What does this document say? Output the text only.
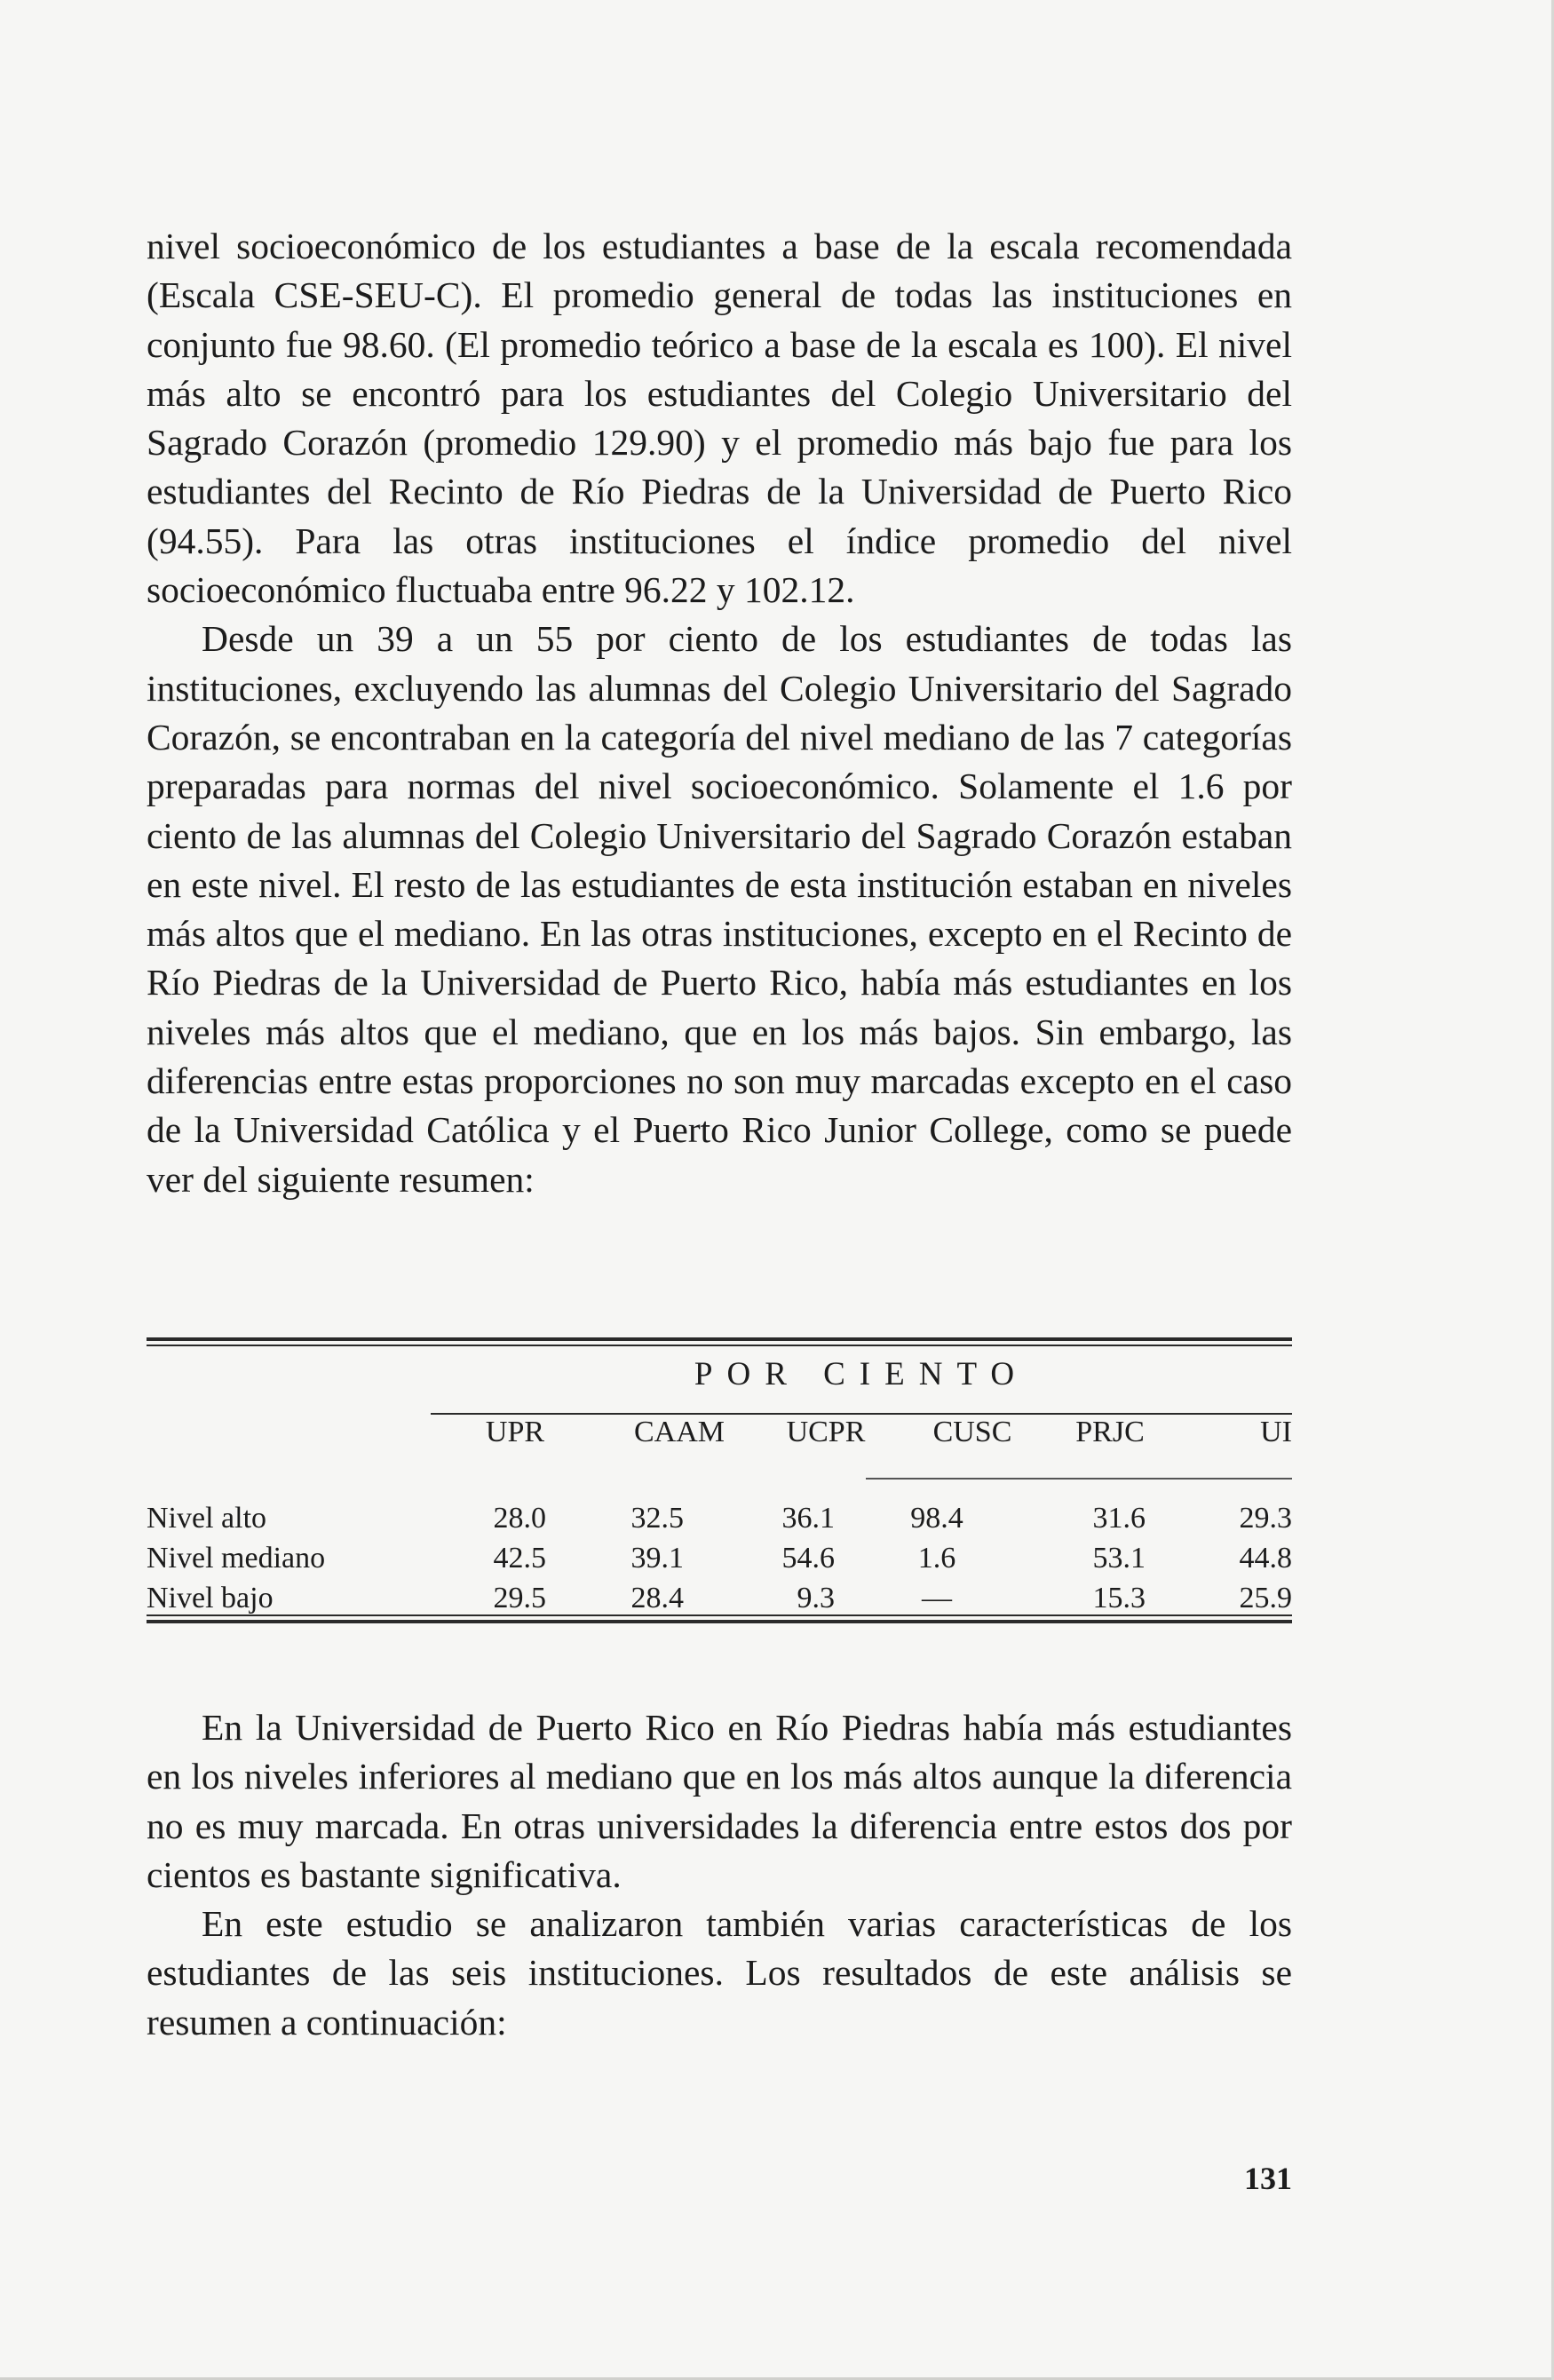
nivel socioeconómico de los estudiantes a base de la escala recomendada (Escala CSE-SEU-C). El promedio general de todas las instituciones en conjunto fue 98.60. (El promedio teórico a base de la escala es 100). El nivel más alto se encontró para los estudiantes del Colegio Universitario del Sagrado Corazón (promedio 129.90) y el promedio más bajo fue para los estudiantes del Recinto de Río Piedras de la Universidad de Puerto Rico (94.55). Para las otras instituciones el índice promedio del nivel socioeconómico fluctuaba entre 96.22 y 102.12.

Desde un 39 a un 55 por ciento de los estudiantes de todas las instituciones, excluyendo las alumnas del Colegio Universitario del Sagrado Corazón, se encontraban en la categoría del nivel mediano de las 7 categorías preparadas para normas del nivel socioeconómico. Solamente el 1.6 por ciento de las alumnas del Colegio Universitario del Sagrado Corazón estaban en este nivel. El resto de las estudiantes de esta institución estaban en niveles más altos que el mediano. En las otras instituciones, excepto en el Recinto de Río Piedras de la Universidad de Puerto Rico, había más estudiantes en los niveles más altos que el mediano, que en los más bajos. Sin embargo, las diferencias entre estas proporciones no son muy marcadas excepto en el caso de la Universidad Católica y el Puerto Rico Junior College, como se puede ver del siguiente resumen:

POR CIENTO
UPR	CAAM	UCPR	CUSC	PRJC	UI
Nivel alto	28.0	32.5	36.1	98.4	31.6	29.3
Nivel mediano	42.5	39.1	54.6	1.6	53.1	44.8
Nivel bajo	29.5	28.4	9.3	—	15.3	25.9

En la Universidad de Puerto Rico en Río Piedras había más estudiantes en los niveles inferiores al mediano que en los más altos aunque la diferencia no es muy marcada. En otras universidades la diferencia entre estos dos por cientos es bastante significativa.

En este estudio se analizaron también varias características de los estudiantes de las seis instituciones. Los resultados de este análisis se resumen a continuación:

131
